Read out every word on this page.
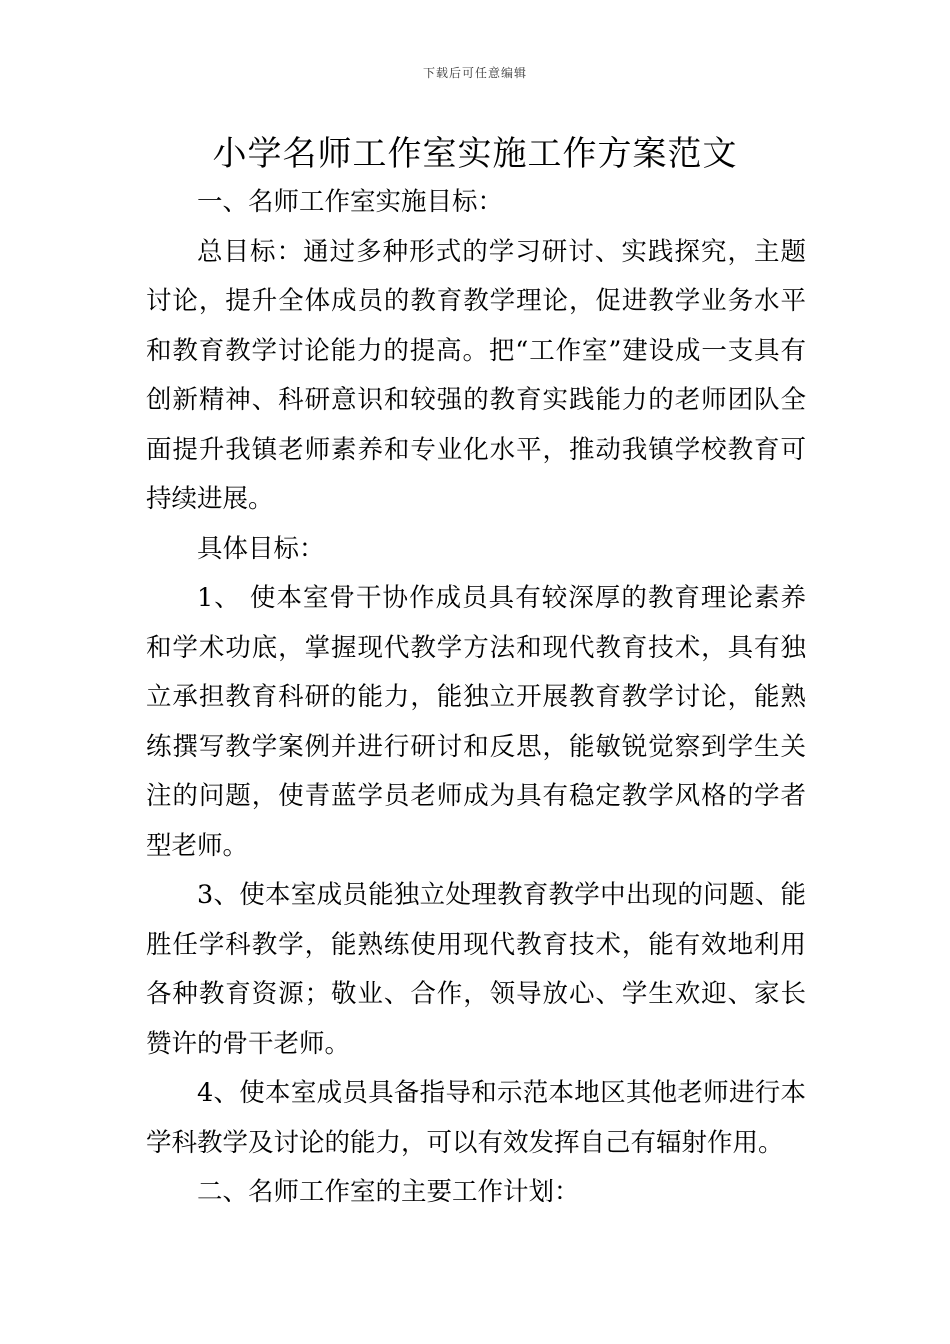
下载后可任意编辑
小学名师工作室实施工作方案范文

一、名师工作室实施目标：

总目标：通过多种形式的学习研讨、实践探究，主题讨论，提升全体成员的教育教学理论，促进教学业务水平和教育教学讨论能力的提高。把“工作室”建设成一支具有创新精神、科研意识和较强的教育实践能力的老师团队全面提升我镇老师素养和专业化水平，推动我镇学校教育可持续进展。

具体目标：

1、 使本室骨干协作成员具有较深厚的教育理论素养和学术功底，掌握现代教学方法和现代教育技术，具有独立承担教育科研的能力，能独立开展教育教学讨论，能熟练撰写教学案例并进行研讨和反思，能敏锐觉察到学生关注的问题，使青蓝学员老师成为具有稳定教学风格的学者型老师。

3、使本室成员能独立处理教育教学中出现的问题、能胜任学科教学，能熟练使用现代教育技术，能有效地利用各种教育资源；敬业、合作，领导放心、学生欢迎、家长赞许的骨干老师。

4、使本室成员具备指导和示范本地区其他老师进行本学科教学及讨论的能力，可以有效发挥自己有辐射作用。

二、名师工作室的主要工作计划：
